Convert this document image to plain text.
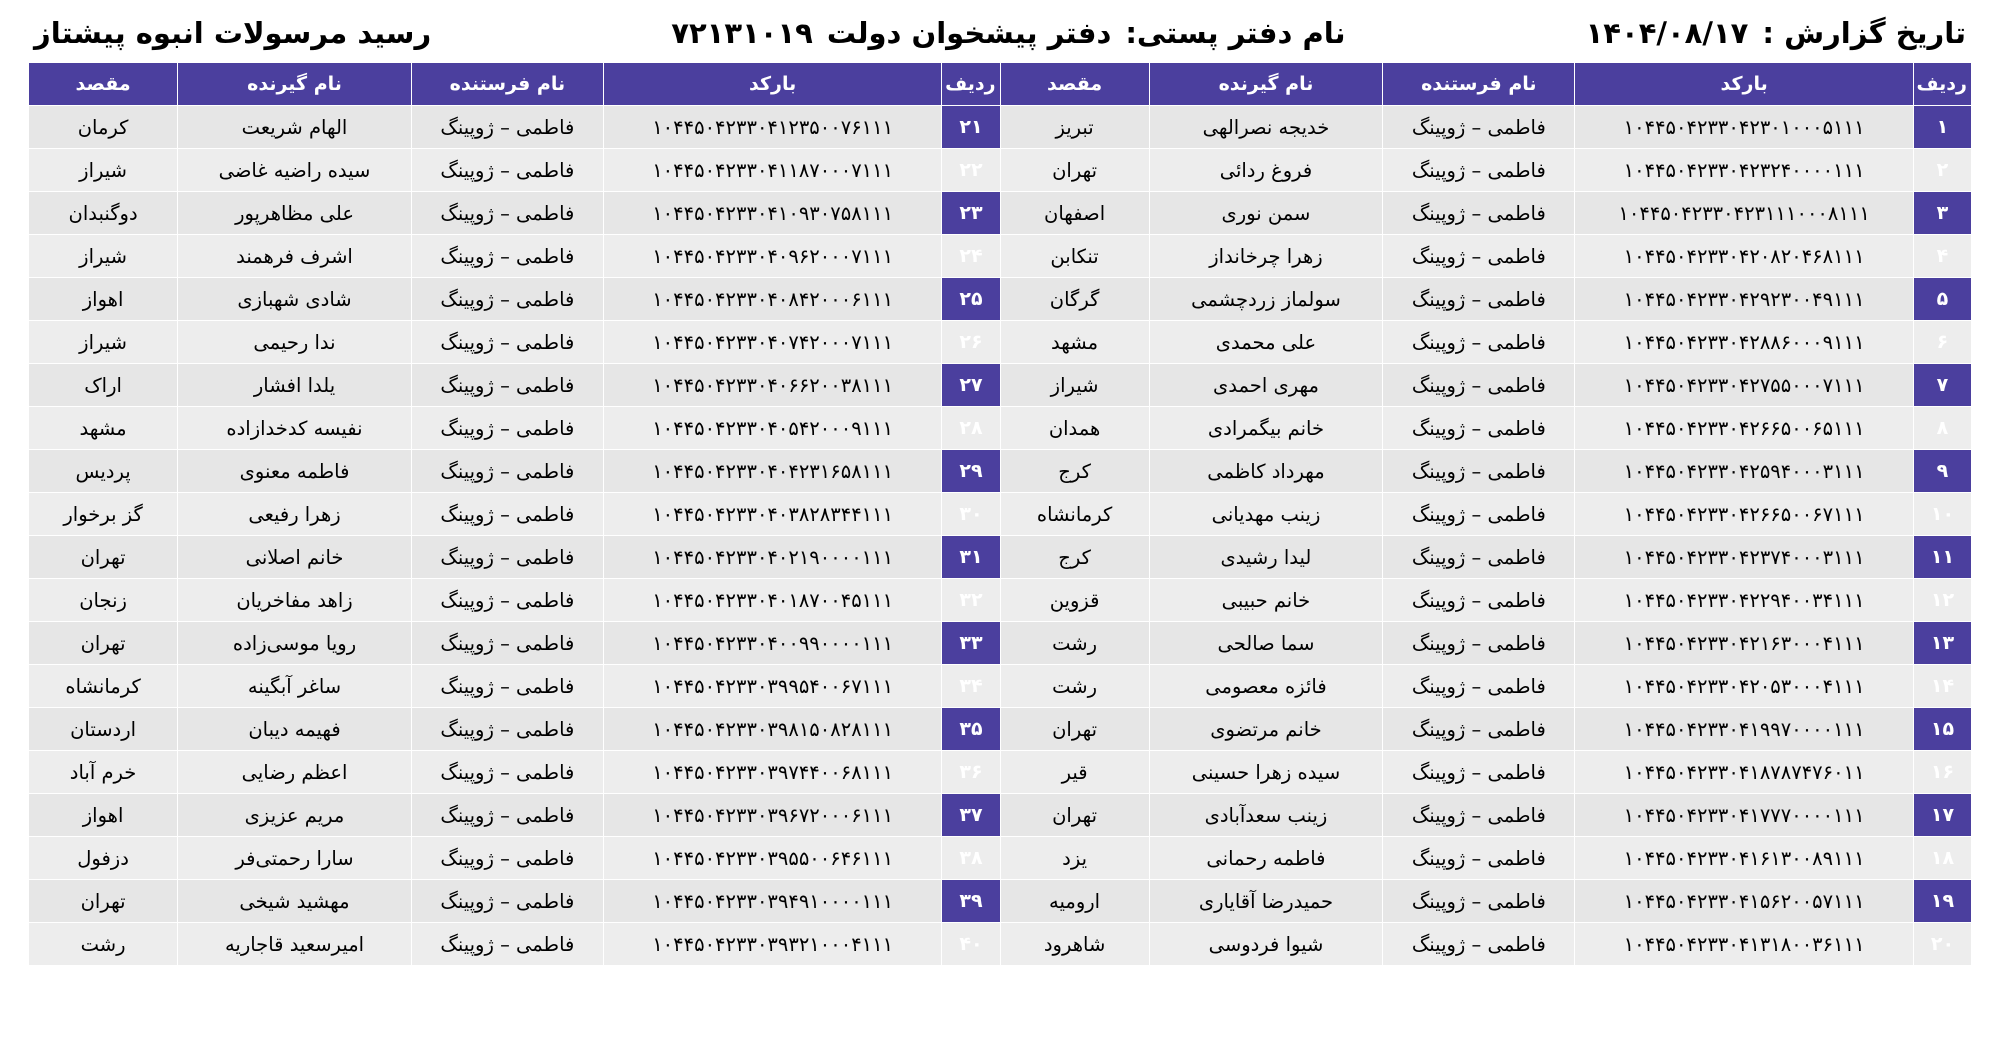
تاریخ گزارش :
۱۴۰۴/۰۸/۱۷
نام دفتر پستی:
دفتر پیشخوان دولت
۷۲۱۳۱۰۱۹
رسید مرسولات انبوه پیشتاز
ردیف	بارکد	نام فرستنده	نام گیرنده	مقصد	ردیف	بارکد	نام فرستنده	نام گیرنده	مقصد
۱	۱۰۴۴۵۰۴۲۳۳۰۴۲۳۰۱۰۰۰۵۱۱۱	فاطمی – ژوپینگ	خدیجه نصرالهی	تبریز	۲۱	۱۰۴۴۵۰۴۲۳۳۰۴۱۲۳۵۰۰۷۶۱۱۱	فاطمی – ژوپینگ	الهام شریعت	کرمان
۲	۱۰۴۴۵۰۴۲۳۳۰۴۲۳۲۴۰۰۰۰۱۱۱	فاطمی – ژوپینگ	فروغ ردائی	تهران	۲۲	۱۰۴۴۵۰۴۲۳۳۰۴۱۱۸۷۰۰۰۷۱۱۱	فاطمی – ژوپینگ	سیده راضیه غاضی	شیراز
۳	۱۰۴۴۵۰۴۲۳۳۰۴۲۳۱۱۱۰۰۰۸۱۱۱	فاطمی – ژوپینگ	سمن نوری	اصفهان	۲۳	۱۰۴۴۵۰۴۲۳۳۰۴۱۰۹۳۰۷۵۸۱۱۱	فاطمی – ژوپینگ	علی مظاهرپور	دوگنبدان
۴	۱۰۴۴۵۰۴۲۳۳۰۴۲۰۸۲۰۴۶۸۱۱۱	فاطمی – ژوپینگ	زهرا چرخانداز	تنکابن	۲۴	۱۰۴۴۵۰۴۲۳۳۰۴۰۹۶۲۰۰۰۷۱۱۱	فاطمی – ژوپینگ	اشرف فرهمند	شیراز
۵	۱۰۴۴۵۰۴۲۳۳۰۴۲۹۲۳۰۰۴۹۱۱۱	فاطمی – ژوپینگ	سولماز زردچشمی	گرگان	۲۵	۱۰۴۴۵۰۴۲۳۳۰۴۰۸۴۲۰۰۰۶۱۱۱	فاطمی – ژوپینگ	شادی شهبازی	اهواز
۶	۱۰۴۴۵۰۴۲۳۳۰۴۲۸۸۶۰۰۰۹۱۱۱	فاطمی – ژوپینگ	علی محمدی	مشهد	۲۶	۱۰۴۴۵۰۴۲۳۳۰۴۰۷۴۲۰۰۰۷۱۱۱	فاطمی – ژوپینگ	ندا رحیمی	شیراز
۷	۱۰۴۴۵۰۴۲۳۳۰۴۲۷۵۵۰۰۰۷۱۱۱	فاطمی – ژوپینگ	مهری احمدی	شیراز	۲۷	۱۰۴۴۵۰۴۲۳۳۰۴۰۶۶۲۰۰۳۸۱۱۱	فاطمی – ژوپینگ	یلدا افشار	اراک
۸	۱۰۴۴۵۰۴۲۳۳۰۴۲۶۶۵۰۰۶۵۱۱۱	فاطمی – ژوپینگ	خانم بیگمرادی	همدان	۲۸	۱۰۴۴۵۰۴۲۳۳۰۴۰۵۴۲۰۰۰۹۱۱۱	فاطمی – ژوپینگ	نفیسه کدخدازاده	مشهد
۹	۱۰۴۴۵۰۴۲۳۳۰۴۲۵۹۴۰۰۰۳۱۱۱	فاطمی – ژوپینگ	مهرداد کاظمی	کرج	۲۹	۱۰۴۴۵۰۴۲۳۳۰۴۰۴۲۳۱۶۵۸۱۱۱	فاطمی – ژوپینگ	فاطمه معنوی	پردیس
۱۰	۱۰۴۴۵۰۴۲۳۳۰۴۲۶۶۵۰۰۶۷۱۱۱	فاطمی – ژوپینگ	زینب مهدیانی	کرمانشاه	۳۰	۱۰۴۴۵۰۴۲۳۳۰۴۰۳۸۲۸۳۴۴۱۱۱	فاطمی – ژوپینگ	زهرا رفیعی	گز برخوار
۱۱	۱۰۴۴۵۰۴۲۳۳۰۴۲۳۷۴۰۰۰۳۱۱۱	فاطمی – ژوپینگ	لیدا رشیدی	کرج	۳۱	۱۰۴۴۵۰۴۲۳۳۰۴۰۲۱۹۰۰۰۰۱۱۱	فاطمی – ژوپینگ	خانم اصلانی	تهران
۱۲	۱۰۴۴۵۰۴۲۳۳۰۴۲۲۹۴۰۰۳۴۱۱۱	فاطمی – ژوپینگ	خانم حبیبی	قزوین	۳۲	۱۰۴۴۵۰۴۲۳۳۰۴۰۱۸۷۰۰۴۵۱۱۱	فاطمی – ژوپینگ	زاهد مفاخریان	زنجان
۱۳	۱۰۴۴۵۰۴۲۳۳۰۴۲۱۶۳۰۰۰۴۱۱۱	فاطمی – ژوپینگ	سما صالحی	رشت	۳۳	۱۰۴۴۵۰۴۲۳۳۰۴۰۰۹۹۰۰۰۰۱۱۱	فاطمی – ژوپینگ	رویا موسی‌زاده	تهران
۱۴	۱۰۴۴۵۰۴۲۳۳۰۴۲۰۵۳۰۰۰۴۱۱۱	فاطمی – ژوپینگ	فائزه معصومی	رشت	۳۴	۱۰۴۴۵۰۴۲۳۳۰۳۹۹۵۴۰۰۶۷۱۱۱	فاطمی – ژوپینگ	ساغر آبگینه	کرمانشاه
۱۵	۱۰۴۴۵۰۴۲۳۳۰۴۱۹۹۷۰۰۰۰۱۱۱	فاطمی – ژوپینگ	خانم مرتضوی	تهران	۳۵	۱۰۴۴۵۰۴۲۳۳۰۳۹۸۱۵۰۸۲۸۱۱۱	فاطمی – ژوپینگ	فهیمه دیبان	اردستان
۱۶	۱۰۴۴۵۰۴۲۳۳۰۴۱۸۷۸۷۴۷۶۰۱۱	فاطمی – ژوپینگ	سیده زهرا حسینی	قیر	۳۶	۱۰۴۴۵۰۴۲۳۳۰۳۹۷۴۴۰۰۶۸۱۱۱	فاطمی – ژوپینگ	اعظم رضایی	خرم آباد
۱۷	۱۰۴۴۵۰۴۲۳۳۰۴۱۷۷۷۰۰۰۰۱۱۱	فاطمی – ژوپینگ	زینب سعدآبادی	تهران	۳۷	۱۰۴۴۵۰۴۲۳۳۰۳۹۶۷۲۰۰۰۶۱۱۱	فاطمی – ژوپینگ	مریم عزیزی	اهواز
۱۸	۱۰۴۴۵۰۴۲۳۳۰۴۱۶۱۳۰۰۸۹۱۱۱	فاطمی – ژوپینگ	فاطمه رحمانی	یزد	۳۸	۱۰۴۴۵۰۴۲۳۳۰۳۹۵۵۰۰۶۴۶۱۱۱	فاطمی – ژوپینگ	سارا رحمتی‌فر	دزفول
۱۹	۱۰۴۴۵۰۴۲۳۳۰۴۱۵۶۲۰۰۵۷۱۱۱	فاطمی – ژوپینگ	حمیدرضا آقایاری	ارومیه	۳۹	۱۰۴۴۵۰۴۲۳۳۰۳۹۴۹۱۰۰۰۰۱۱۱	فاطمی – ژوپینگ	مهشید شیخی	تهران
۲۰	۱۰۴۴۵۰۴۲۳۳۰۴۱۳۱۸۰۰۳۶۱۱۱	فاطمی – ژوپینگ	شیوا فردوسی	شاهرود	۴۰	۱۰۴۴۵۰۴۲۳۳۰۳۹۳۲۱۰۰۰۴۱۱۱	فاطمی – ژوپینگ	امیرسعید قاجاریه	رشت
